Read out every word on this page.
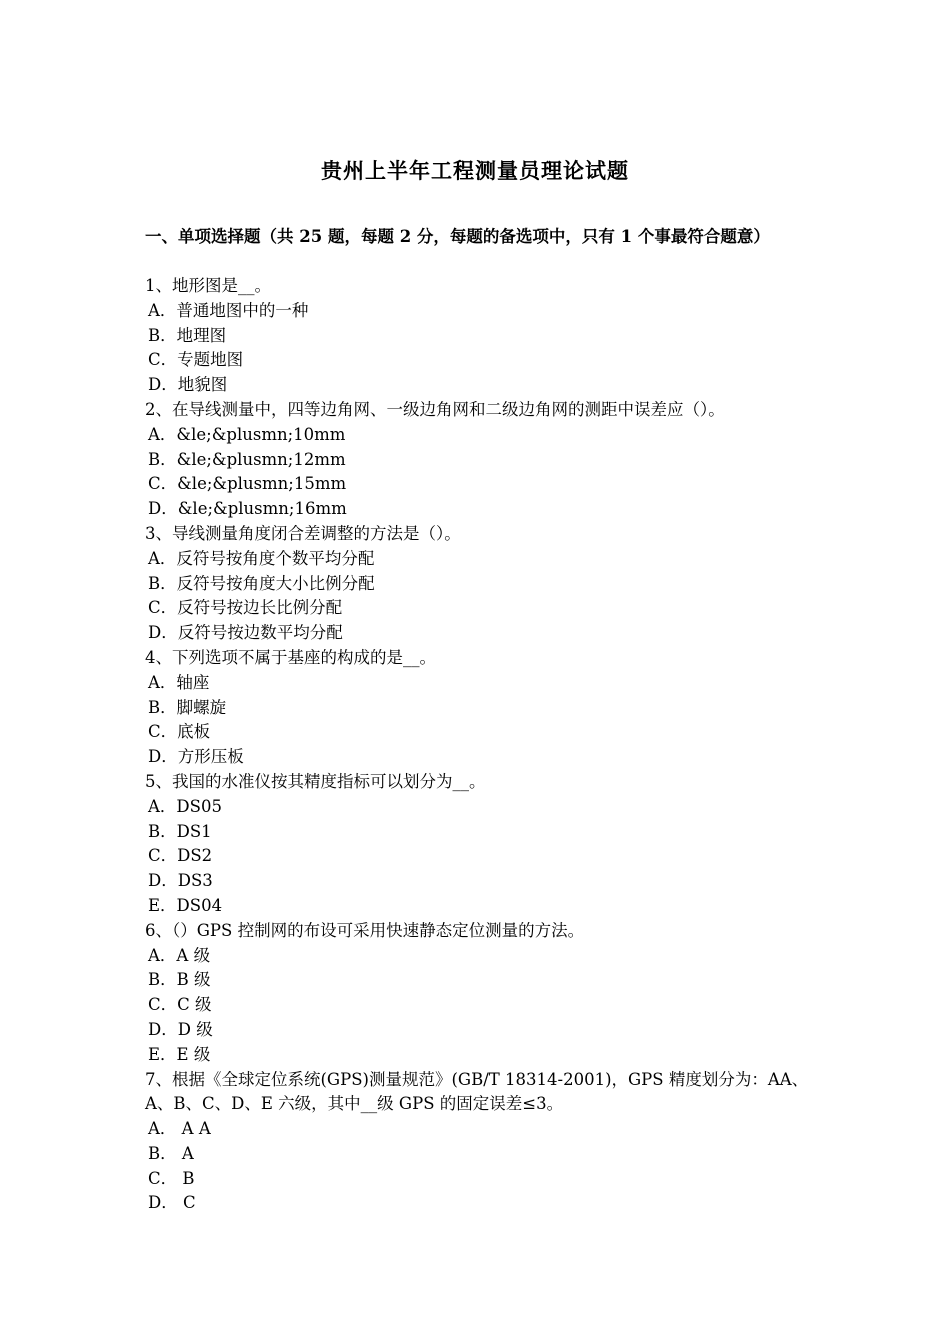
贵州上半年工程测量员理论试题
一、单项选择题（共 25 题，每题 2 分，每题的备选项中，只有 1 个事最符合题意）
1、地形图是__。
A．普通地图中的一种
B．地理图
C．专题地图
D．地貌图
2、在导线测量中，四等边角网、一级边角网和二级边角网的测距中误差应（）。
A．&le;&plusmn;10mm
B．&le;&plusmn;12mm
C．&le;&plusmn;15mm
D．&le;&plusmn;16mm
3、导线测量角度闭合差调整的方法是（）。
A．反符号按角度个数平均分配
B．反符号按角度大小比例分配
C．反符号按边长比例分配
D．反符号按边数平均分配
4、下列选项不属于基座的构成的是__。
A．轴座
B．脚螺旋
C．底板
D．方形压板
5、我国的水准仪按其精度指标可以划分为__。
A．DS05
B．DS1
C．DS2
D．DS3
E．DS04
6、（）GPS 控制网的布设可采用快速静态定位测量的方法。
A．A 级
B．B 级
C．C 级
D．D 级
E．E 级
7、根据《全球定位系统(GPS)测量规范》(GB/T 18314-2001)，GPS 精度划分为：AA、A、B、C、D、E 六级，其中__级 GPS 的固定误差≤3。
A． A A
B． A
C． B
D． C
